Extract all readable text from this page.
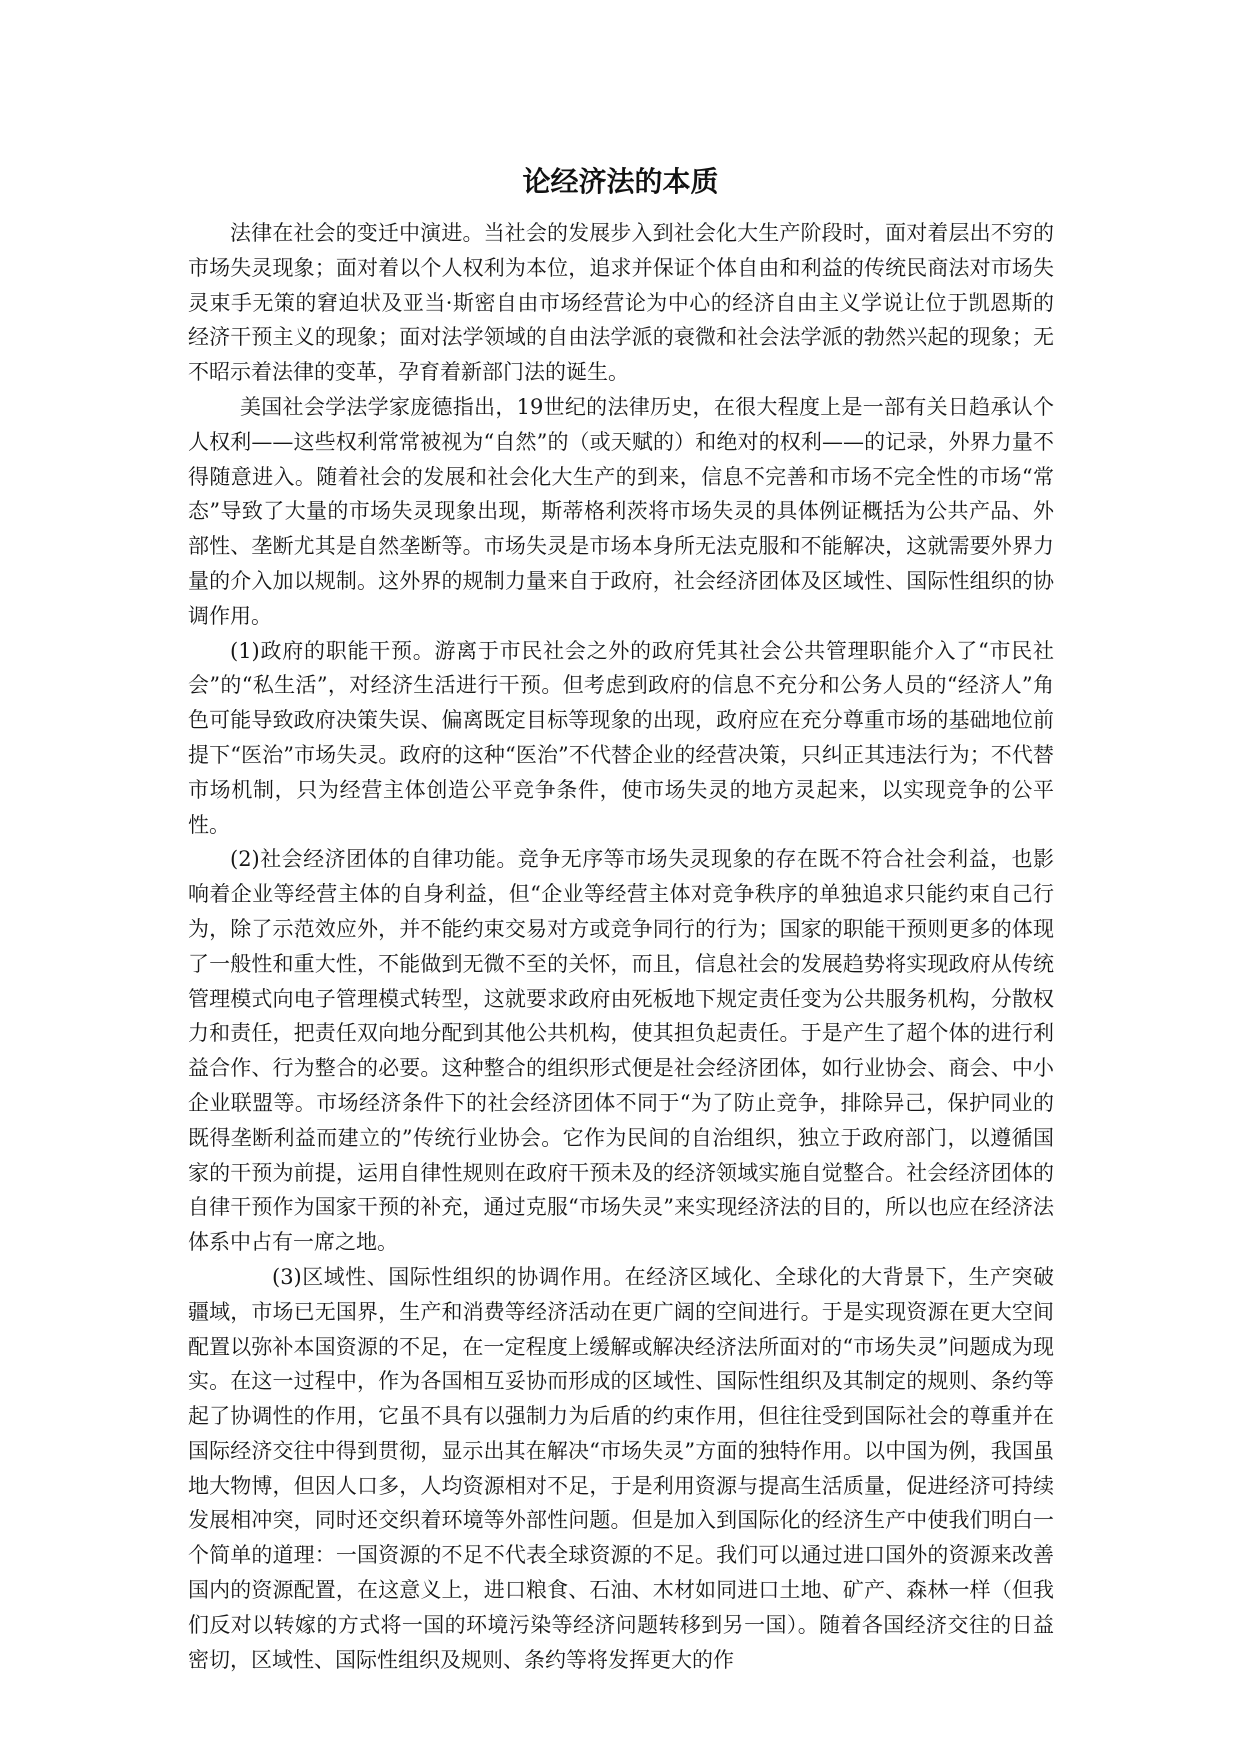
论经济法的本质

法律在社会的变迁中演进。当社会的发展步入到社会化大生产阶段时，面对着层出不穷的市场失灵现象；面对着以个人权利为本位，追求并保证个体自由和利益的传统民商法对市场失灵束手无策的窘迫状及亚当·斯密自由市场经营论为中心的经济自由主义学说让位于凯恩斯的经济干预主义的现象；面对法学领域的自由法学派的衰微和社会法学派的勃然兴起的现象；无不昭示着法律的变革，孕育着新部门法的诞生。

美国社会学法学家庞德指出，19世纪的法律历史，在很大程度上是一部有关日趋承认个人权利——这些权利常常被视为“自然”的（或天赋的）和绝对的权利——的记录，外界力量不得随意进入。随着社会的发展和社会化大生产的到来，信息不完善和市场不完全性的市场“常态”导致了大量的市场失灵现象出现，斯蒂格利茨将市场失灵的具体例证概括为公共产品、外部性、垄断尤其是自然垄断等。市场失灵是市场本身所无法克服和不能解决，这就需要外界力量的介入加以规制。这外界的规制力量来自于政府，社会经济团体及区域性、国际性组织的协调作用。

(1)政府的职能干预。游离于市民社会之外的政府凭其社会公共管理职能介入了“市民社会”的“私生活”，对经济生活进行干预。但考虑到政府的信息不充分和公务人员的“经济人”角色可能导致政府决策失误、偏离既定目标等现象的出现，政府应在充分尊重市场的基础地位前提下“医治”市场失灵。政府的这种“医治”不代替企业的经营决策，只纠正其违法行为；不代替市场机制，只为经营主体创造公平竞争条件，使市场失灵的地方灵起来，以实现竞争的公平性。

(2)社会经济团体的自律功能。竞争无序等市场失灵现象的存在既不符合社会利益，也影响着企业等经营主体的自身利益，但“企业等经营主体对竞争秩序的单独追求只能约束自己行为，除了示范效应外，并不能约束交易对方或竞争同行的行为；国家的职能干预则更多的体现了一般性和重大性，不能做到无微不至的关怀，而且，信息社会的发展趋势将实现政府从传统管理模式向电子管理模式转型，这就要求政府由死板地下规定责任变为公共服务机构，分散权力和责任，把责任双向地分配到其他公共机构，使其担负起责任。于是产生了超个体的进行利益合作、行为整合的必要。这种整合的组织形式便是社会经济团体，如行业协会、商会、中小企业联盟等。市场经济条件下的社会经济团体不同于“为了防止竞争，排除异己，保护同业的既得垄断利益而建立的”传统行业协会。它作为民间的自治组织，独立于政府部门，以遵循国家的干预为前提，运用自律性规则在政府干预未及的经济领域实施自觉整合。社会经济团体的自律干预作为国家干预的补充，通过克服“市场失灵”来实现经济法的目的，所以也应在经济法体系中占有一席之地。

(3)区域性、国际性组织的协调作用。在经济区域化、全球化的大背景下，生产突破疆域，市场已无国界，生产和消费等经济活动在更广阔的空间进行。于是实现资源在更大空间配置以弥补本国资源的不足，在一定程度上缓解或解决经济法所面对的“市场失灵”问题成为现实。在这一过程中，作为各国相互妥协而形成的区域性、国际性组织及其制定的规则、条约等起了协调性的作用，它虽不具有以强制力为后盾的约束作用，但往往受到国际社会的尊重并在国际经济交往中得到贯彻，显示出其在解决“市场失灵”方面的独特作用。以中国为例，我国虽地大物博，但因人口多，人均资源相对不足，于是利用资源与提高生活质量，促进经济可持续发展相冲突，同时还交织着环境等外部性问题。但是加入到国际化的经济生产中使我们明白一个简单的道理：一国资源的不足不代表全球资源的不足。我们可以通过进口国外的资源来改善国内的资源配置，在这意义上，进口粮食、石油、木材如同进口土地、矿产、森林一样（但我们反对以转嫁的方式将一国的环境污染等经济问题转移到另一国）。随着各国经济交往的日益密切，区域性、国际性组织及规则、条约等将发挥更大的作
